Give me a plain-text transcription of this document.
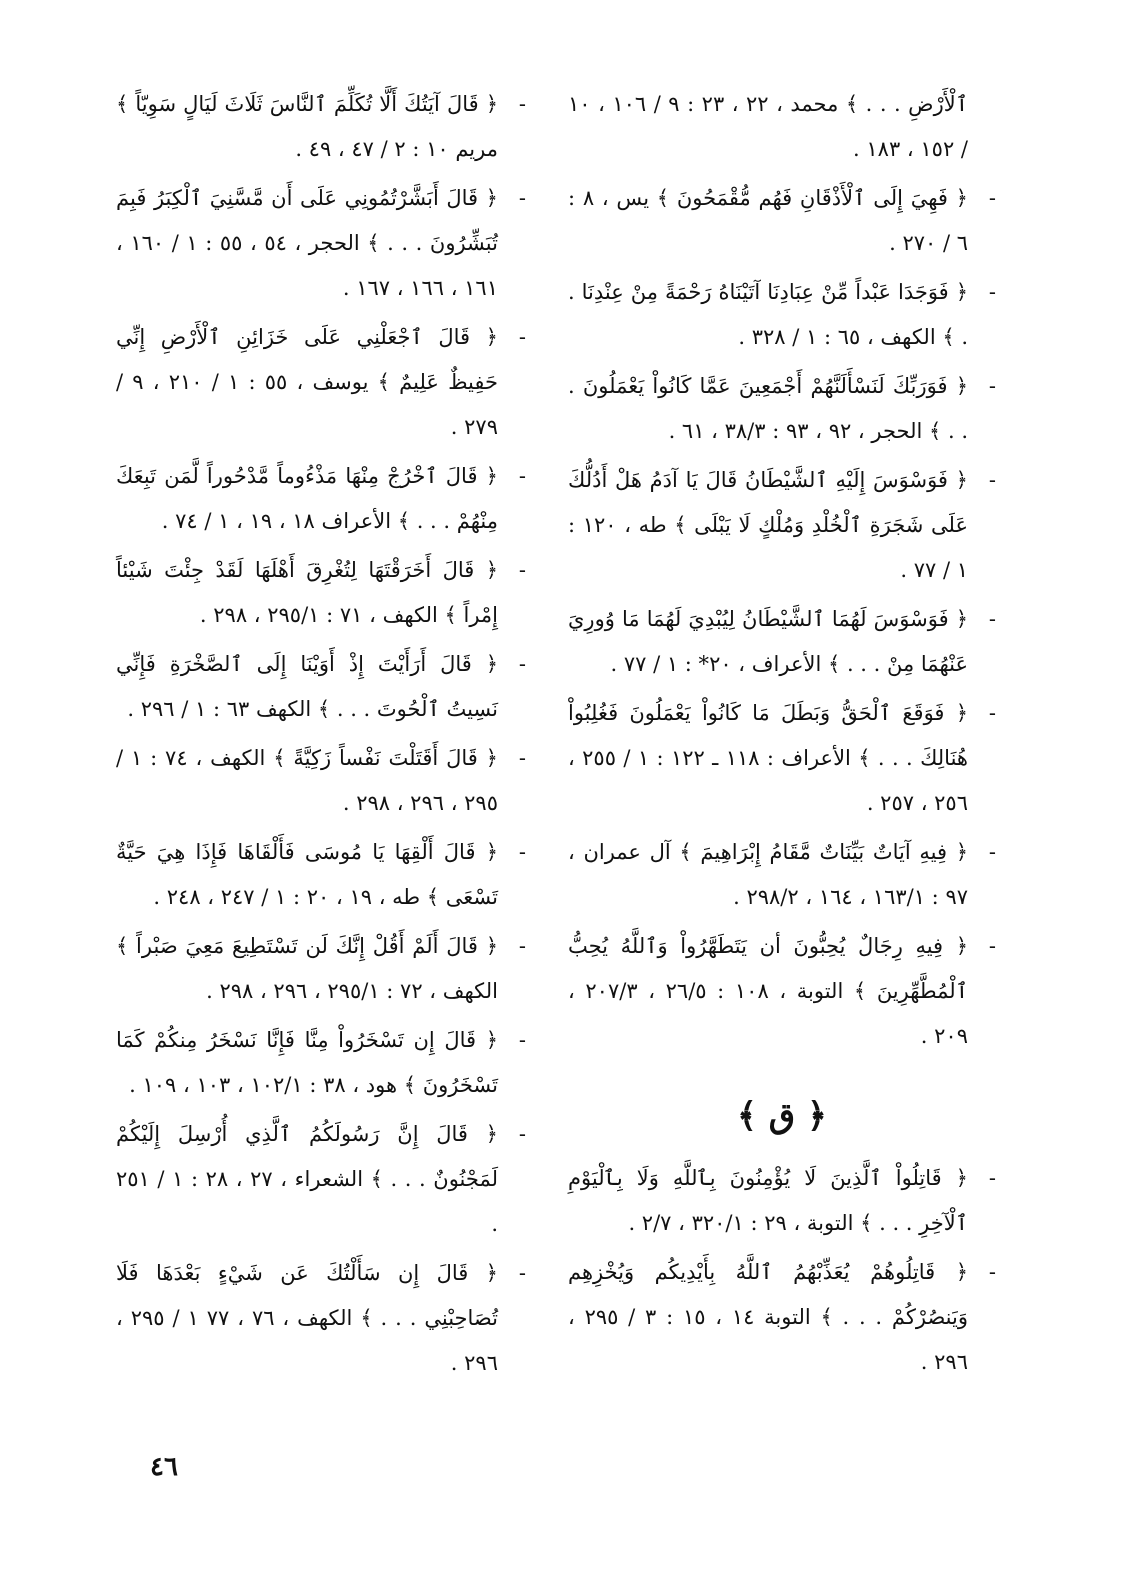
ٱلْأَرْضِ . . . ﴾ محمد ، ٢٢ ، ٢٣ : ٩ / ١٠٦ ، ١٠ / ١٥٢ ، ١٨٣ .
-
﴿ فَهِيَ إِلَى ٱلْأَذْقَانِ فَهُم مُّقْمَحُونَ ﴾ يس ، ٨ : ٦ / ٢٧٠ .
-
﴿ فَوَجَدَا عَبْداً مِّنْ عِبَادِنَا آتَيْنَاهُ رَحْمَةً مِنْ عِنْدِنَا . . ﴾ الكهف ، ٦٥ : ١ / ٣٢٨ .
-
﴿ فَوَرَبِّكَ لَنَسْأَلَنَّهُمْ أَجْمَعِينَ عَمَّا كَانُواْ يَعْمَلُونَ . . . ﴾ الحجر ، ٩٢ ، ٩٣ : ٣٨/٣ ، ٦١ .
-
﴿ فَوَسْوَسَ إِلَيْهِ ٱلشَّيْطَانُ قَالَ يَا آدَمُ هَلْ أَدُلُّكَ عَلَى شَجَرَةِ ٱلْخُلْدِ وَمُلْكٍ لَا يَبْلَى ﴾ طه ، ١٢٠ : ١ / ٧٧ .
-
﴿ فَوَسْوَسَ لَهُمَا ٱلشَّيْطَانُ لِيُبْدِيَ لَهُمَا مَا وُورِيَ عَنْهُمَا مِنْ . . . ﴾ الأعراف ، ٢٠* : ١ / ٧٧ .
-
﴿ فَوَقَعَ ٱلْحَقُّ وَبَطَلَ مَا كَانُواْ يَعْمَلُونَ فَغُلِبُواْ هُنَالِكَ . . . ﴾ الأعراف : ١١٨ ـ ١٢٢ : ١ / ٢٥٥ ، ٢٥٦ ، ٢٥٧ .
-
﴿ فِيهِ آيَاتٌ بَيِّنَاتٌ مَّقَامُ إِبْرَاهِيمَ ﴾ آل عمران ، ٩٧ : ١٦٣/١ ، ١٦٤ ، ٢٩٨/٢ .
-
﴿ فِيهِ رِجَالٌ يُحِبُّونَ أن يَتَطَهَّرُواْ وَٱللَّهُ يُحِبُّ ٱلْمُطَّهِّرِينَ ﴾ التوبة ، ١٠٨ : ٢٦/٥ ، ٢٠٧/٣ ، ٢٠٩ .
﴿ ق ﴾
-
﴿ قَاتِلُواْ ٱلَّذِينَ لَا يُؤْمِنُونَ بِٱللَّهِ وَلَا بِٱلْيَوْمِ ٱلْآخِرِ . . . ﴾ التوبة ، ٢٩ : ٣٢٠/١ ، ٢/٧ .
-
﴿ قَاتِلُوهُمْ يُعَذِّبْهُمُ ٱللَّهُ بِأَيْدِيكُم وَيُخْزِهِم وَيَنصُرْكُمْ . . . ﴾ التوبة ١٤ ، ١٥ : ٣ / ٢٩٥ ، ٢٩٦ .
-
﴿ قَالَ آيَتُكَ أَلَّا تُكَلِّمَ ٱلنَّاسَ ثَلَاثَ لَيَالٍ سَوِيّاً ﴾ مريم ١٠ : ٢ / ٤٧ ، ٤٩ .
-
﴿ قَالَ أَبَشَّرْتُمُونِي عَلَى أَن مَّسَّنِيَ ٱلْكِبَرُ فَبِمَ تُبَشِّرُونَ . . . ﴾ الحجر ، ٥٤ ، ٥٥ : ١ / ١٦٠ ، ١٦١ ، ١٦٦ ، ١٦٧ .
-
﴿ قَالَ ٱجْعَلْنِي عَلَى خَزَائِنِ ٱلْأَرْضِ إِنِّي حَفِيظٌ عَلِيمٌ ﴾ يوسف ، ٥٥ : ١ / ٢١٠ ، ٩ / ٢٧٩ .
-
﴿ قَالَ ٱخْرُجْ مِنْهَا مَذْءُوماً مَّدْحُوراً لَّمَن تَبِعَكَ مِنْهُمْ . . . ﴾ الأعراف ١٨ ، ١٩ ، ١ / ٧٤ .
-
﴿ قَالَ أَخَرَقْتَهَا لِتُغْرِقَ أَهْلَهَا لَقَدْ جِئْتَ شَيْئاً إِمْراً ﴾ الكهف ، ٧١ : ٢٩٥/١ ، ٢٩٨ .
-
﴿ قَالَ أَرَأَيْتَ إِذْ أَوَيْنَا إِلَى ٱلصَّخْرَةِ فَإِنِّي نَسِيتُ ٱلْحُوتَ . . . ﴾ الكهف ٦٣ : ١ / ٢٩٦ .
-
﴿ قَالَ أَقَتَلْتَ نَفْساً زَكِيَّةً ﴾ الكهف ، ٧٤ : ١ / ٢٩٥ ، ٢٩٦ ، ٢٩٨ .
-
﴿ قَالَ أَلْقِهَا يَا مُوسَى فَأَلْقَاهَا فَإِذَا هِيَ حَيَّةٌ تَسْعَى ﴾ طه ، ١٩ ، ٢٠ : ١ / ٢٤٧ ، ٢٤٨ .
-
﴿ قَالَ أَلَمْ أَقُلْ إِنَّكَ لَن تَسْتَطِيعَ مَعِيَ صَبْراً ﴾ الكهف ، ٧٢ : ٢٩٥/١ ، ٢٩٦ ، ٢٩٨ .
-
﴿ قَالَ إِن تَسْخَرُواْ مِنَّا فَإِنَّا نَسْخَرُ مِنكُمْ كَمَا تَسْخَرُونَ ﴾ هود ، ٣٨ : ١٠٢/١ ، ١٠٣ ، ١٠٩ .
-
﴿ قَالَ إِنَّ رَسُولَكُمُ ٱلَّذِي أُرْسِلَ إِلَيْكُمْ لَمَجْنُونٌ . . . ﴾ الشعراء ، ٢٧ ، ٢٨ : ١ / ٢٥١ .
-
﴿ قَالَ إِن سَأَلْتُكَ عَن شَيْءٍ بَعْدَهَا فَلَا تُصَاحِبْنِي . . . ﴾ الكهف ، ٧٦ ، ٧٧ ١ / ٢٩٥ ، ٢٩٦ .
٤٦
